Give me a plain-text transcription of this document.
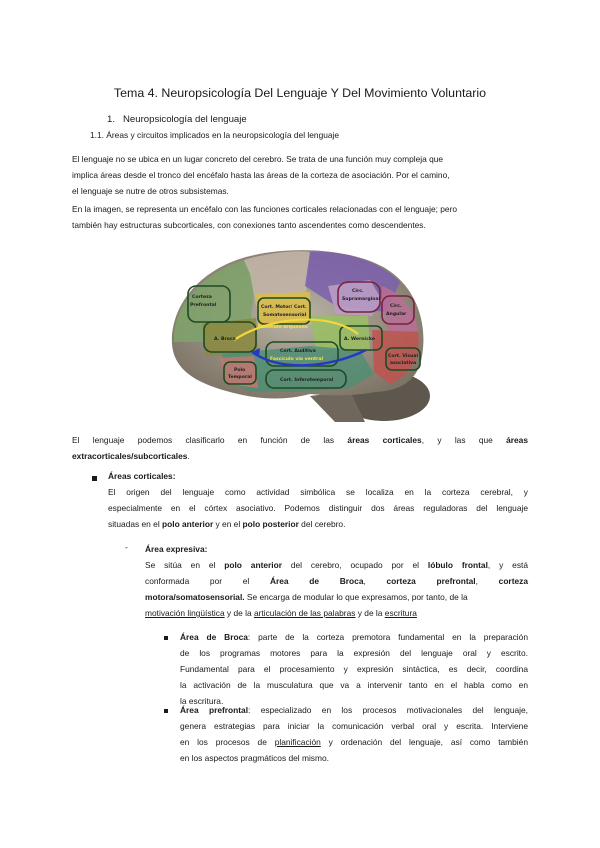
Tema 4. Neuropsicología Del Lenguaje Y Del Movimiento Voluntario
1. Neuropsicología del lenguaje
1.1. Áreas y circuitos implicados en la neuropsicología del lenguaje
El lenguaje no se ubica en un lugar concreto del cerebro. Se trata de una función muy compleja que
implica áreas desde el tronco del encéfalo hasta las áreas de la corteza de asociación. Por el camino,
el lenguaje se nutre de otros subsistemas.
En la imagen, se representa un encéfalo con las funciones corticales relacionadas con el lenguaje; pero
también hay estructuras subcorticales, con conexiones tanto ascendentes como descendentes.
Corteza
Prefrontal	Cort. Motor/ Cort.
Somatosensorial
Circ.
Supramarginal
Circ.
Angular
A. Broca
Fascículo arqueado
A. Wernicke
Cort. Auditiva
Fascículo vía ventral
Cort. Visual
asociativa
Polo
Temporal
Cort. Inferotemporal
El lenguaje podemos clasificarlo en función de las áreas corticales, y las que áreas
extracorticales/subcorticales.
Áreas corticales:
El origen del lenguaje como actividad simbólica se localiza en la corteza cerebral, y
especialmente en el córtex asociativo. Podemos distinguir dos áreas reguladoras del lenguaje
situadas en el polo anterior y en el polo posterior del cerebro.
- Área expresiva:
Se sitúa en el polo anterior del cerebro, ocupado por el lóbulo frontal, y está
conformada por el Área de Broca, corteza prefrontal, corteza
motora/somatosensorial. Se encarga de modular lo que expresamos, por tanto, de la
motivación lingüística y de la articulación de las palabras y de la escritura
Área de Broca: parte de la corteza premotora fundamental en la preparación
de los programas motores para la expresión del lenguaje oral y escrito.
Fundamental para el procesamiento y expresión sintáctica, es decir, coordina
la activación de la musculatura que va a intervenir tanto en el habla como en
la escritura.
Área prefrontal: especializado en los procesos motivacionales del lenguaje,
genera estrategias para iniciar la comunicación verbal oral y escrita. Interviene
en los procesos de planificación y ordenación del lenguaje, así como también
en los aspectos pragmáticos del mismo.
